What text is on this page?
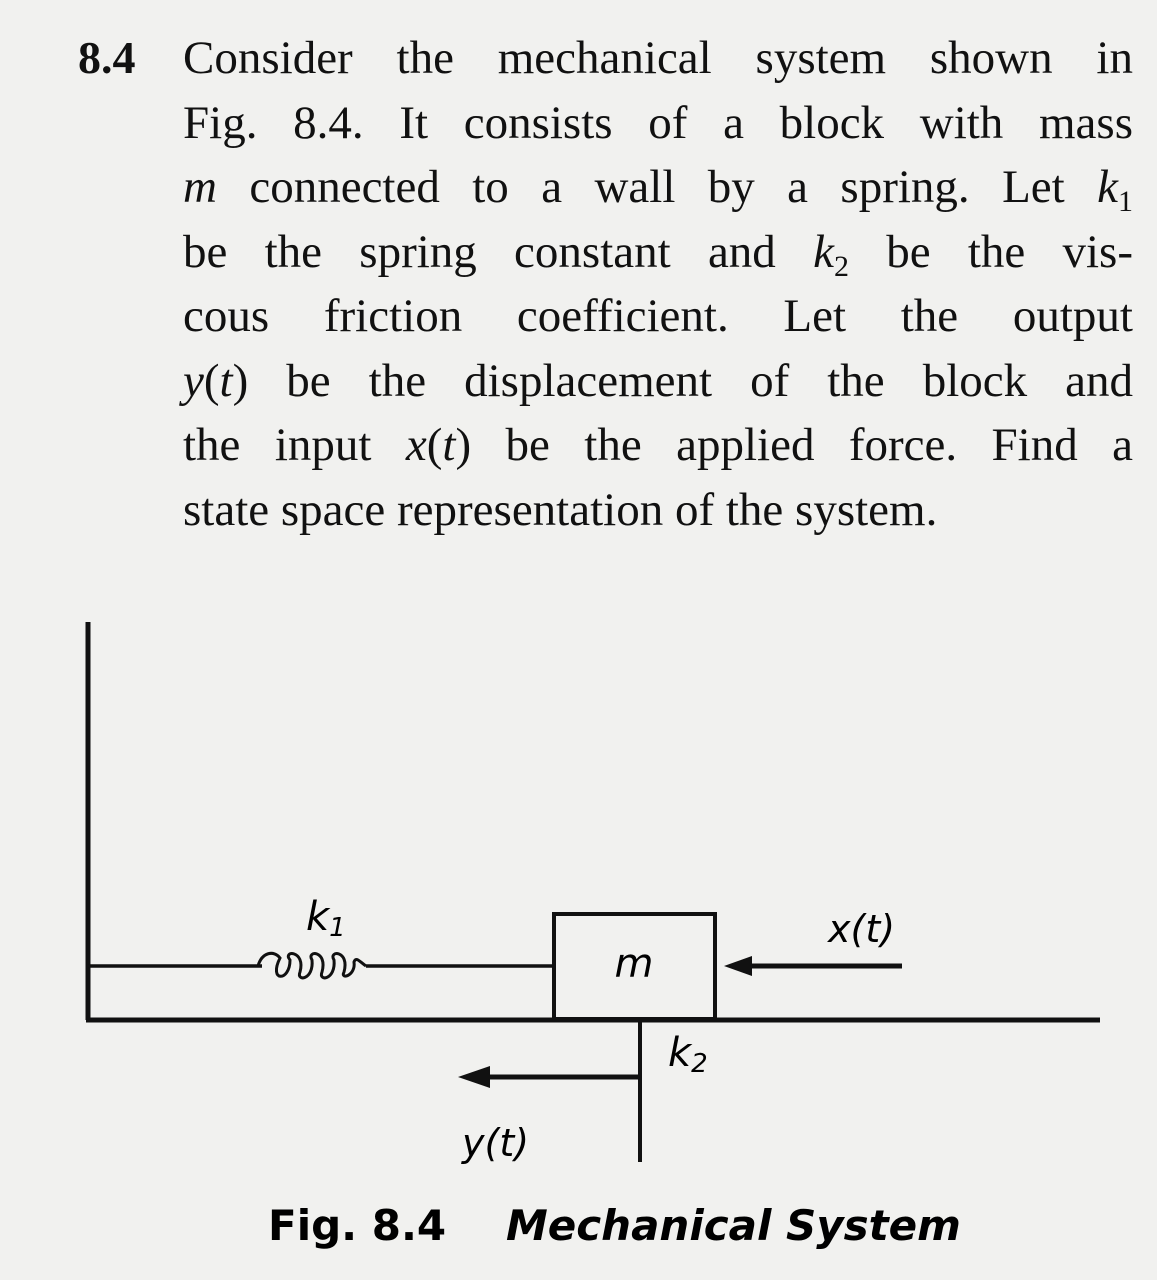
8.4 Consider the mechanical system shown in
Fig. 8.4. It consists of a block with mass
m connected to a wall by a spring. Let $k_1$
be the spring constant and $k_2$ be the vis-
cous friction coefficient. Let the output
y(t) be the displacement of the block and
the input x(t) be the applied force. Find a
state space representation of the system.
k1
m
x(t)
k2
y(t)
Fig. 8.4 Mechanical System
